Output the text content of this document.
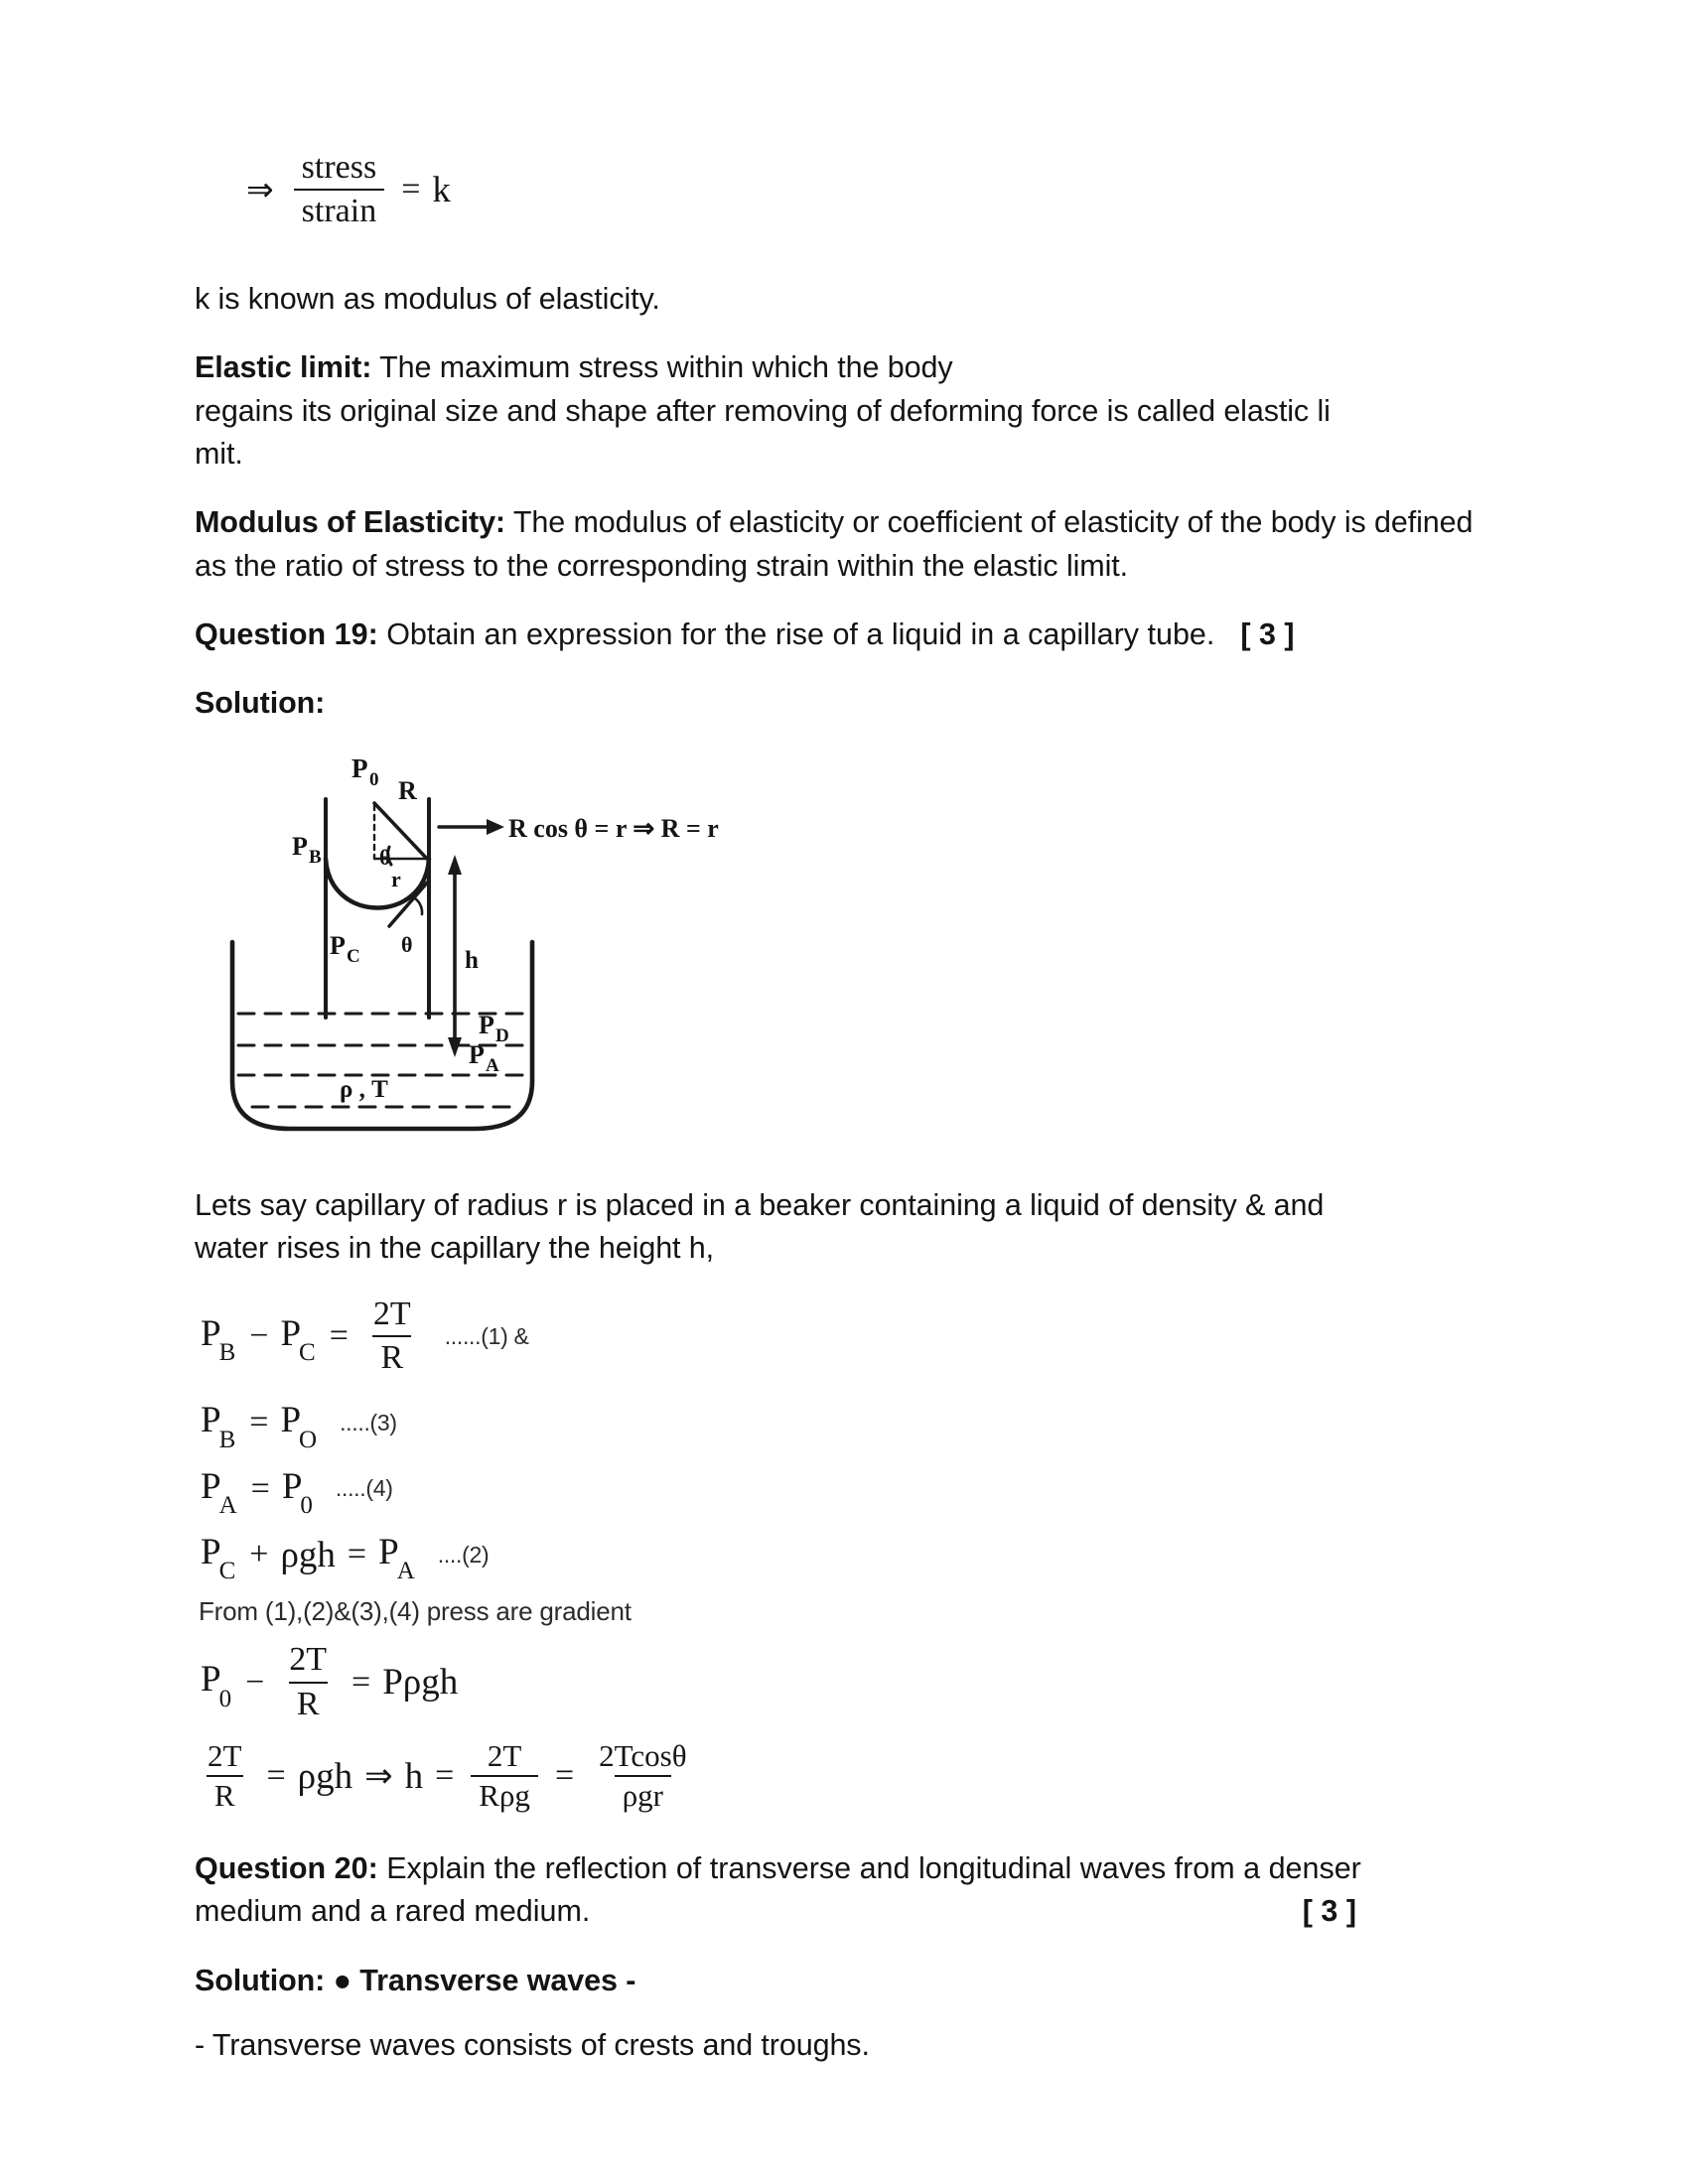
⇒ $\frac{\text{stress}}{\text{strain}} = k$

k is known as modulus of elasticity.

Elastic limit: The maximum stress within which the body
regains its original size and shape after removing of deforming force is called elastic li
mit.

Modulus of Elasticity: The modulus of elasticity or coefficient of elasticity of the body is defined as the ratio of stress to the corresponding strain within the elastic limit.

Question 19: Obtain an expression for the rise of a liquid in a capillary tube. [ 3 ]

Solution:

P 0 R
P B	θ
r
P C θ
h
P D
P A
ρ , T
R cos θ = r ⇒ R = r

Lets say capillary of radius r is placed in a beaker containing a liquid of density & and
water rises in the capillary the height h,

$P_B - P_C = \frac{2T}{R}$	......(1) &
$P_B = P_O$
.....(3)
$P_A = P_0$
.....(4)
$P_C + \rho gh = P_A$
....(2)
From (1),(2)&(3),(4) press are gradient
$P_0 - \frac{2T}{R} = P\rho gh$
$\frac{2T}{R} = \rho gh$ ⇒ $h = \frac{2T}{\text{Rρg}} = \frac{2Tcos\theta}{\text{ρgr}}$
Question 20: Explain the reflection of transverse and longitudinal waves from a denser
medium and a rared medium.	[ 3 ]

Solution: ● Transverse waves -

- Transverse waves consists of crests and troughs.
